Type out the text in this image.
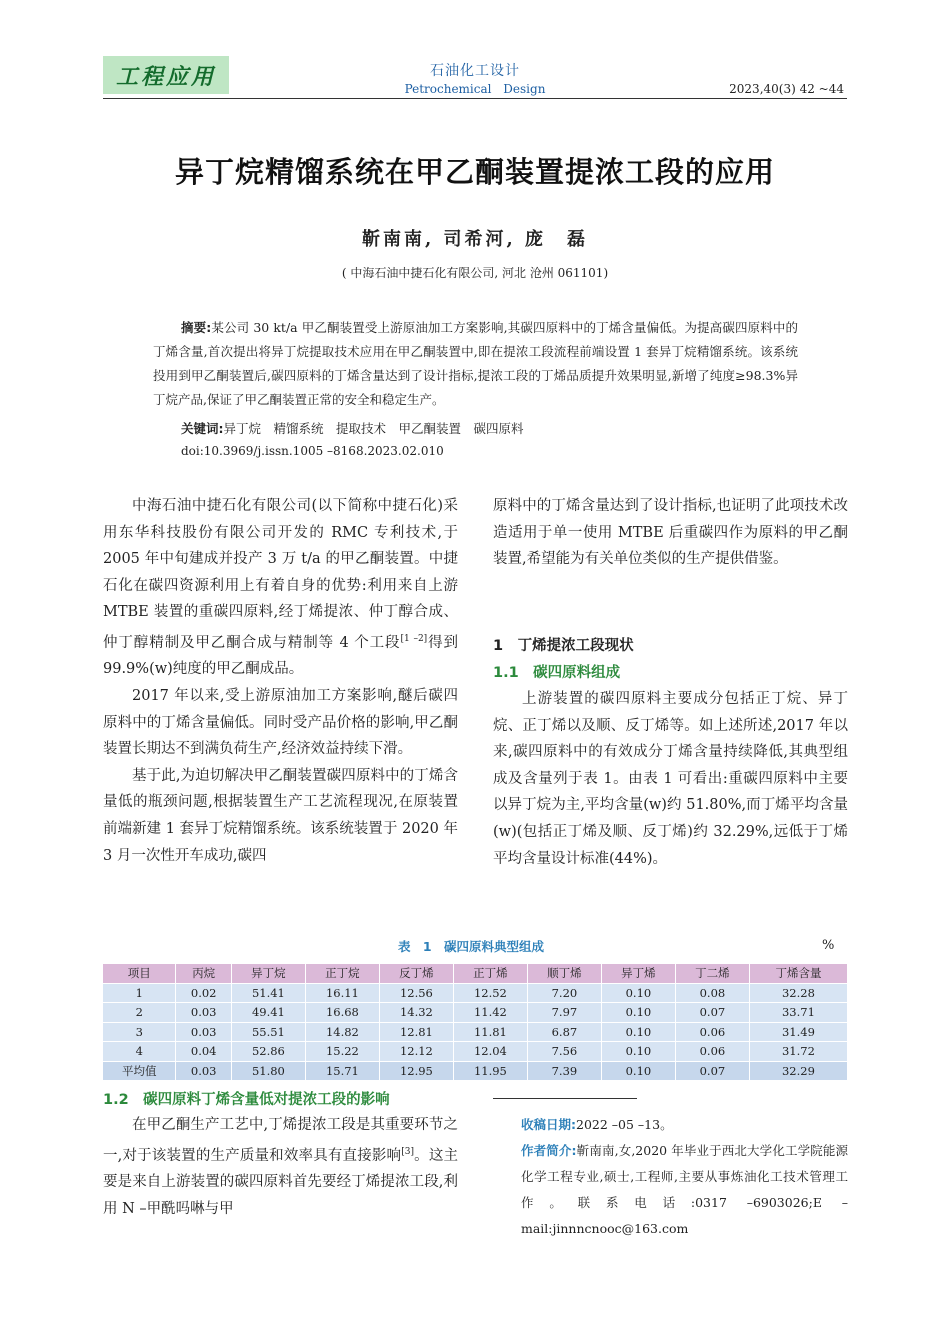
工程应用	石油化工设计
Petrochemical Design	2023,40(3) 42 ~44
异丁烷精馏系统在甲乙酮装置提浓工段的应用
靳南南, 司希河, 庞　磊
( 中海石油中捷石化有限公司, 河北 沧州 061101)
摘要:某公司 30 kt/a 甲乙酮装置受上游原油加工方案影响,其碳四原料中的丁烯含量偏低。为提高碳四原料中的丁烯含量,首次提出将异丁烷提取技术应用在甲乙酮装置中,即在提浓工段流程前端设置 1 套异丁烷精馏系统。该系统投用到甲乙酮装置后,碳四原料的丁烯含量达到了设计指标,提浓工段的丁烯品质提升效果明显,新增了纯度≥98.3%异丁烷产品,保证了甲乙酮装置正常的安全和稳定生产。
关键词:异丁烷　精馏系统　提取技术　甲乙酮装置　碳四原料
doi:10.3969/j.issn.1005 –8168.2023.02.010

中海石油中捷石化有限公司(以下简称中捷石化)采用东华科技股份有限公司开发的 RMC 专利技术,于 2005 年中旬建成并投产 3 万 t/a 的甲乙酮装置。中捷石化在碳四资源利用上有着自身的优势:利用来自上游 MTBE 装置的重碳四原料,经丁烯提浓、仲丁醇合成、仲丁醇精制及甲乙酮合成与精制等 4 个工段[1 –2]得到 99.9%(w)纯度的甲乙酮成品。

2017 年以来,受上游原油加工方案影响,醚后碳四原料中的丁烯含量偏低。同时受产品价格的影响,甲乙酮装置长期达不到满负荷生产,经济效益持续下滑。

基于此,为迫切解决甲乙酮装置碳四原料中的丁烯含量低的瓶颈问题,根据装置生产工艺流程现况,在原装置前端新建 1 套异丁烷精馏系统。该系统装置于 2020 年 3 月一次性开车成功,碳四

原料中的丁烯含量达到了设计指标,也证明了此项技术改造适用于单一使用 MTBE 后重碳四作为原料的甲乙酮装置,希望能为有关单位类似的生产提供借鉴。

1　丁烯提浓工段现状
1.1　碳四原料组成

上游装置的碳四原料主要成分包括正丁烷、异丁烷、正丁烯以及顺、反丁烯等。如上述所述,2017 年以来,碳四原料中的有效成分丁烯含量持续降低,其典型组成及含量列于表 1。由表 1 可看出:重碳四原料中主要以异丁烷为主,平均含量(w)约 51.80%,而丁烯平均含量(w)(包括正丁烯及顺、反丁烯)约 32.29%,远低于丁烯平均含量设计标准(44%)。

表 1　碳四原料典型组成	%
项目	丙烷	异丁烷	正丁烷	反丁烯	正丁烯	顺丁烯	异丁烯	丁二烯	丁烯含量
1	0.02	51.41	16.11	12.56	12.52	7.20	0.10	0.08	32.28
2	0.03	49.41	16.68	14.32	11.42	7.97	0.10	0.07	33.71
3	0.03	55.51	14.82	12.81	11.81	6.87	0.10	0.06	31.49
4	0.04	52.86	15.22	12.12	12.04	7.56	0.10	0.06	31.72
平均值	0.03	51.80	15.71	12.95	11.95	7.39	0.10	0.07	32.29
1.2　碳四原料丁烯含量低对提浓工段的影响

在甲乙酮生产工艺中,丁烯提浓工段是其重要环节之一,对于该装置的生产质量和效率具有直接影响[3]。这主要是来自上游装置的碳四原料首先要经丁烯提浓工段,利用 N –甲酰吗啉与甲

收稿日期:2022 –05 –13。

作者简介:靳南南,女,2020 年毕业于西北大学化工学院能源化学工程专业,硕士,工程师,主要从事炼油化工技术管理工作。联系电话:0317 –6903026;E –mail:jinnncnooc@163.com
